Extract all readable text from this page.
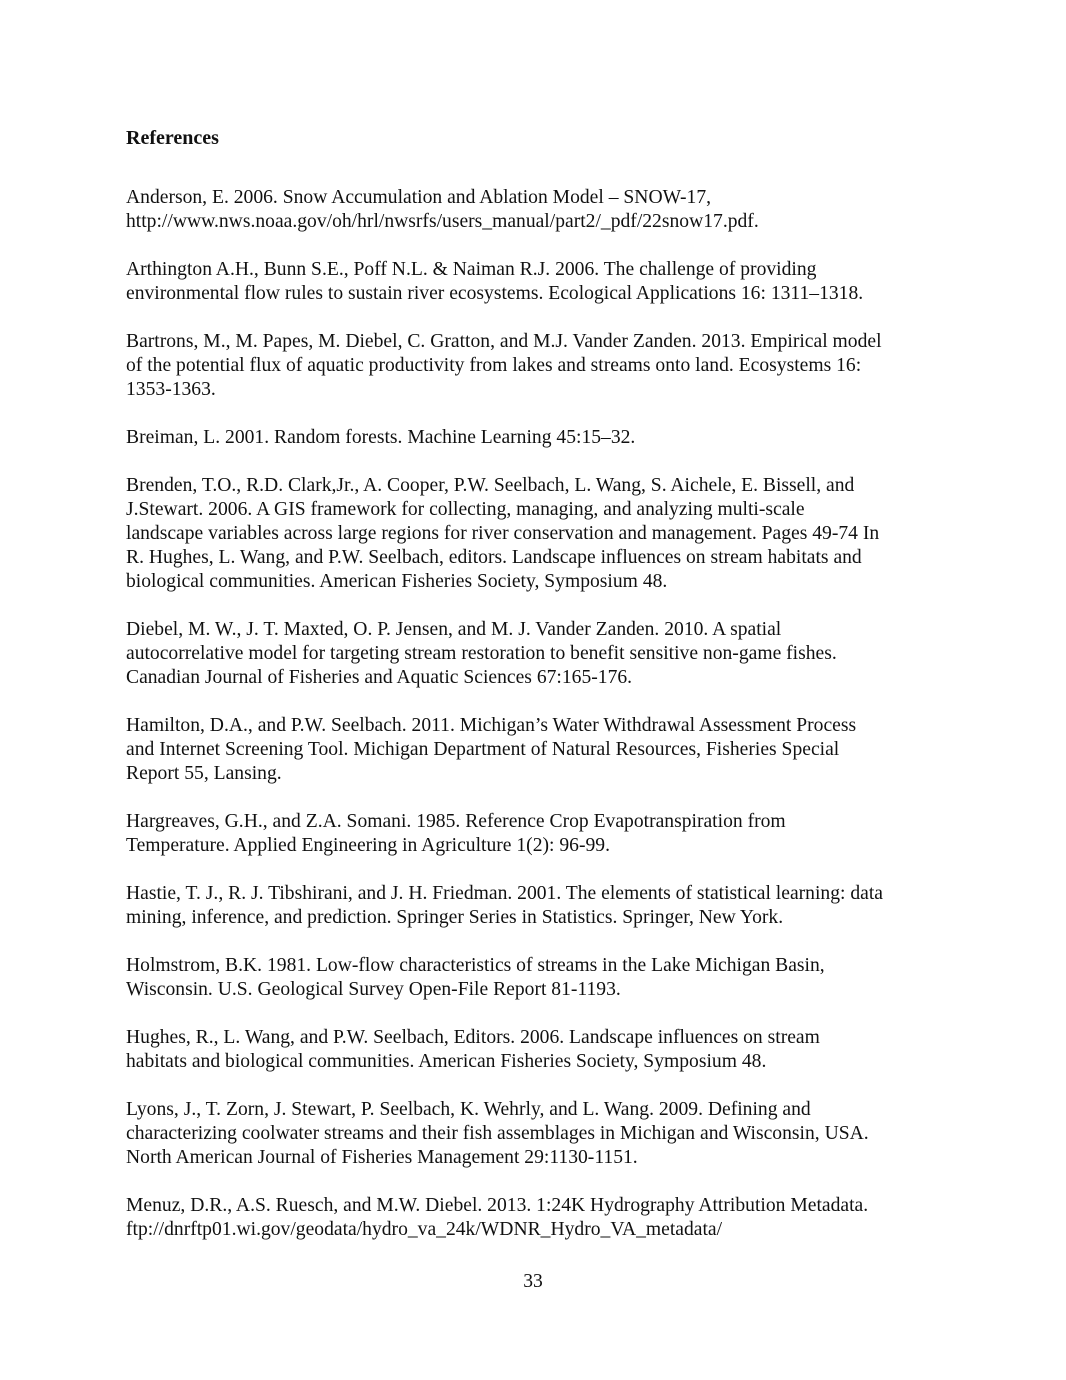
References
Anderson, E. 2006. Snow Accumulation and Ablation Model – SNOW-17,
http://www.nws.noaa.gov/oh/hrl/nwsrfs/users_manual/part2/_pdf/22snow17.pdf.
Arthington A.H., Bunn S.E., Poff N.L. & Naiman R.J. 2006. The challenge of providing
environmental flow rules to sustain river ecosystems. Ecological Applications 16: 1311–1318.
Bartrons, M., M. Papes, M. Diebel, C. Gratton, and M.J. Vander Zanden. 2013. Empirical model
of the potential flux of aquatic productivity from lakes and streams onto land. Ecosystems 16:
1353-1363.
Breiman, L. 2001. Random forests. Machine Learning 45:15–32.
Brenden, T.O., R.D. Clark,Jr., A. Cooper, P.W. Seelbach, L. Wang, S. Aichele, E. Bissell, and
J.Stewart. 2006. A GIS framework for collecting, managing, and analyzing multi-scale
landscape variables across large regions for river conservation and management. Pages 49-74 In
R. Hughes, L. Wang, and P.W. Seelbach, editors. Landscape influences on stream habitats and
biological communities. American Fisheries Society, Symposium 48.
Diebel, M. W., J. T. Maxted, O. P. Jensen, and M. J. Vander Zanden. 2010. A spatial
autocorrelative model for targeting stream restoration to benefit sensitive non-game fishes.
Canadian Journal of Fisheries and Aquatic Sciences 67:165-176.
Hamilton, D.A., and P.W. Seelbach. 2011. Michigan’s Water Withdrawal Assessment Process
and Internet Screening Tool. Michigan Department of Natural Resources, Fisheries Special
Report 55, Lansing.
Hargreaves, G.H., and Z.A. Somani. 1985. Reference Crop Evapotranspiration from
Temperature. Applied Engineering in Agriculture 1(2): 96-99.
Hastie, T. J., R. J. Tibshirani, and J. H. Friedman. 2001. The elements of statistical learning: data
mining, inference, and prediction. Springer Series in Statistics. Springer, New York.
Holmstrom, B.K. 1981. Low-flow characteristics of streams in the Lake Michigan Basin,
Wisconsin. U.S. Geological Survey Open-File Report 81-1193.
Hughes, R., L. Wang, and P.W. Seelbach, Editors. 2006. Landscape influences on stream
habitats and biological communities. American Fisheries Society, Symposium 48.
Lyons, J., T. Zorn, J. Stewart, P. Seelbach, K. Wehrly, and L. Wang. 2009. Defining and
characterizing coolwater streams and their fish assemblages in Michigan and Wisconsin, USA.
North American Journal of Fisheries Management 29:1130-1151.
Menuz, D.R., A.S. Ruesch, and M.W. Diebel. 2013. 1:24K Hydrography Attribution Metadata.
ftp://dnrftp01.wi.gov/geodata/hydro_va_24k/WDNR_Hydro_VA_metadata/
33
